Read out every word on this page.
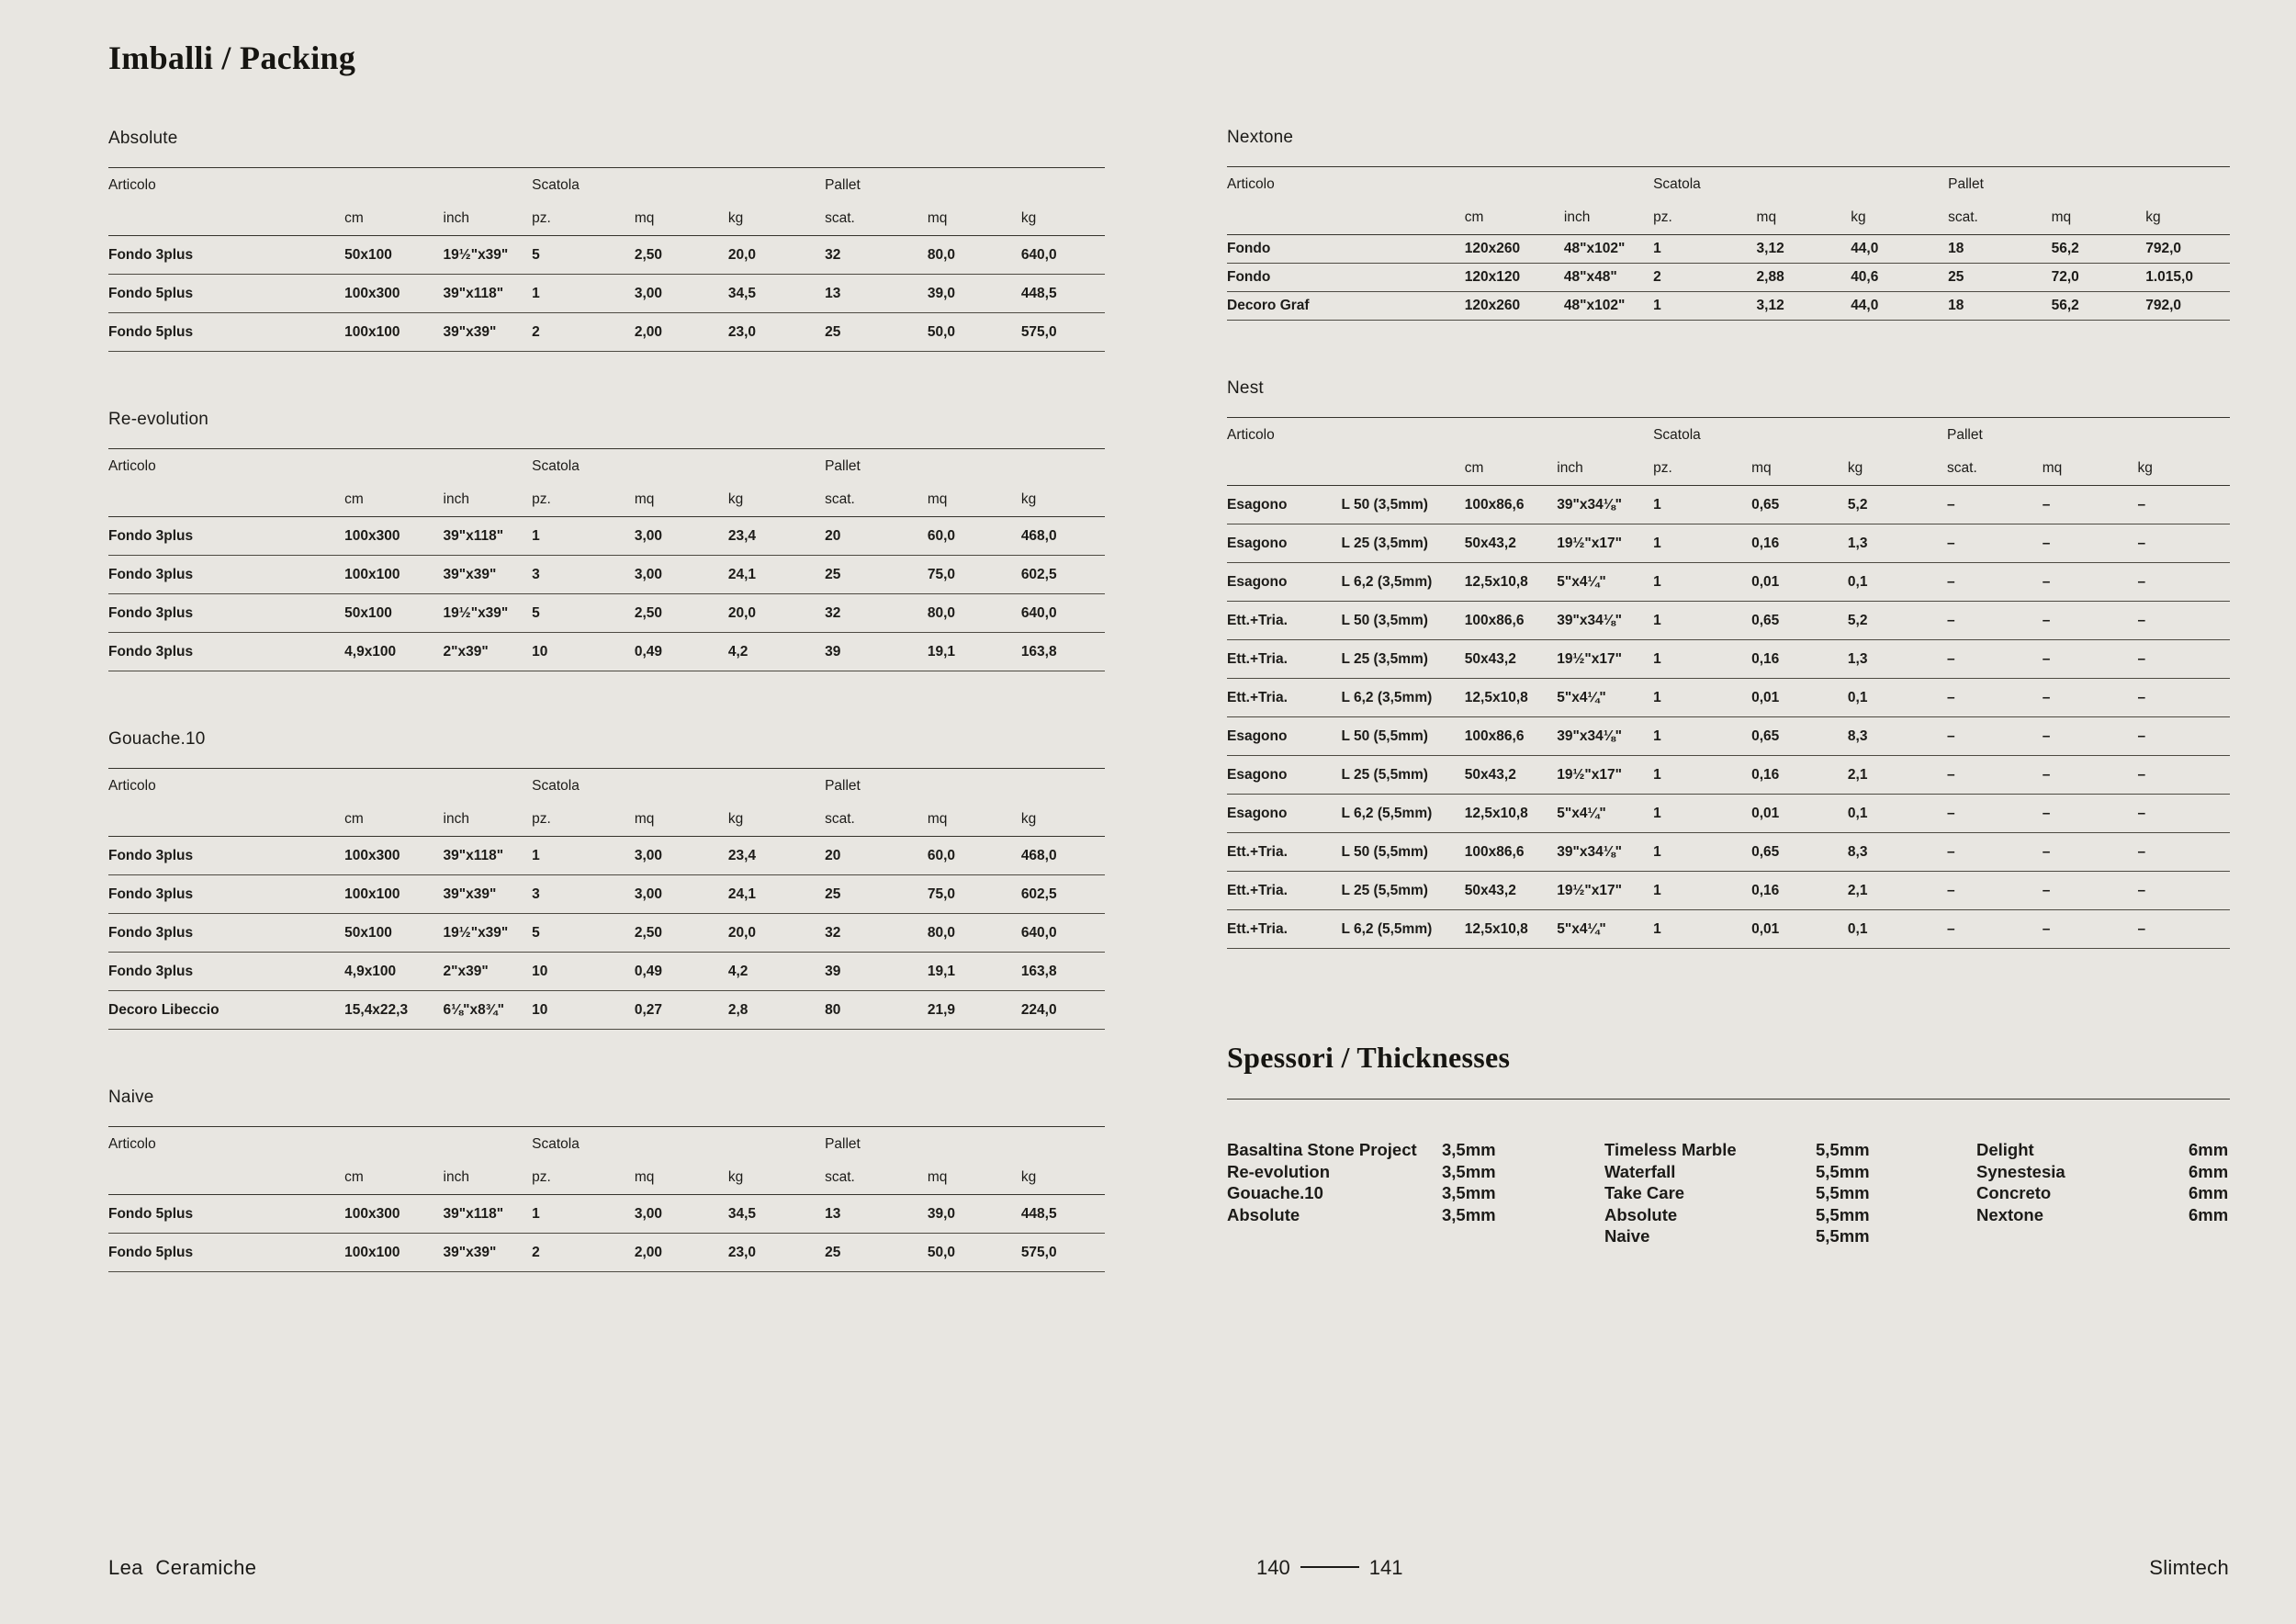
Imballi / Packing
Absolute
Articolo			Scatola			Pallet		
	cm	inch	pz.	mq	kg	scat.	mq	kg
Fondo 3plus	50x100	19½"x39"	5	2,50	20,0	32	80,0	640,0
Fondo 5plus	100x300	39"x118"	1	3,00	34,5	13	39,0	448,5
Fondo 5plus	100x100	39"x39"	2	2,00	23,0	25	50,0	575,0
Re-evolution
Articolo			Scatola			Pallet		
	cm	inch	pz.	mq	kg	scat.	mq	kg
Fondo 3plus	100x300	39"x118"	1	3,00	23,4	20	60,0	468,0
Fondo 3plus	100x100	39"x39"	3	3,00	24,1	25	75,0	602,5
Fondo 3plus	50x100	19½"x39"	5	2,50	20,0	32	80,0	640,0
Fondo 3plus	4,9x100	2"x39"	10	0,49	4,2	39	19,1	163,8
Gouache.10
Articolo			Scatola			Pallet		
	cm	inch	pz.	mq	kg	scat.	mq	kg
Fondo 3plus	100x300	39"x118"	1	3,00	23,4	20	60,0	468,0
Fondo 3plus	100x100	39"x39"	3	3,00	24,1	25	75,0	602,5
Fondo 3plus	50x100	19½"x39"	5	2,50	20,0	32	80,0	640,0
Fondo 3plus	4,9x100	2"x39"	10	0,49	4,2	39	19,1	163,8
Decoro Libeccio	15,4x22,3	6⅛"x8¾"	10	0,27	2,8	80	21,9	224,0
Naive
Articolo			Scatola			Pallet		
	cm	inch	pz.	mq	kg	scat.	mq	kg
Fondo 5plus	100x300	39"x118"	1	3,00	34,5	13	39,0	448,5
Fondo 5plus	100x100	39"x39"	2	2,00	23,0	25	50,0	575,0
Nextone
Articolo			Scatola			Pallet		
	cm	inch	pz.	mq	kg	scat.	mq	kg
Fondo	120x260	48"x102"	1	3,12	44,0	18	56,2	792,0
Fondo	120x120	48"x48"	2	2,88	40,6	25	72,0	1.015,0
Decoro Graf	120x260	48"x102"	1	3,12	44,0	18	56,2	792,0
Nest
Articolo				Scatola			Pallet		
		cm	inch	pz.	mq	kg	scat.	mq	kg
Esagono	L 50 (3,5mm)	100x86,6	39"x34⅛"	1	0,65	5,2	–	–	–
Esagono	L 25 (3,5mm)	50x43,2	19½"x17"	1	0,16	1,3	–	–	–
Esagono	L 6,2 (3,5mm)	12,5x10,8	5"x4¼"	1	0,01	0,1	–	–	–
Ett.+Tria.	L 50 (3,5mm)	100x86,6	39"x34⅛"	1	0,65	5,2	–	–	–
Ett.+Tria.	L 25 (3,5mm)	50x43,2	19½"x17"	1	0,16	1,3	–	–	–
Ett.+Tria.	L 6,2 (3,5mm)	12,5x10,8	5"x4¼"	1	0,01	0,1	–	–	–
Esagono	L 50 (5,5mm)	100x86,6	39"x34⅛"	1	0,65	8,3	–	–	–
Esagono	L 25 (5,5mm)	50x43,2	19½"x17"	1	0,16	2,1	–	–	–
Esagono	L 6,2 (5,5mm)	12,5x10,8	5"x4¼"	1	0,01	0,1	–	–	–
Ett.+Tria.	L 50 (5,5mm)	100x86,6	39"x34⅛"	1	0,65	8,3	–	–	–
Ett.+Tria.	L 25 (5,5mm)	50x43,2	19½"x17"	1	0,16	2,1	–	–	–
Ett.+Tria.	L 6,2 (5,5mm)	12,5x10,8	5"x4¼"	1	0,01	0,1	–	–	–
Spessori / Thicknesses
Basaltina Stone Project	3,5mm
Re-evolution	3,5mm
Gouache.10	3,5mm
Absolute	3,5mm
Timeless Marble	5,5mm
Waterfall	5,5mm
Take Care	5,5mm
Absolute	5,5mm
Naive	5,5mm
Delight	6mm
Synestesia	6mm
Concreto	6mm
Nextone	6mm
Lea Ceramiche	140	141	Slimtech
